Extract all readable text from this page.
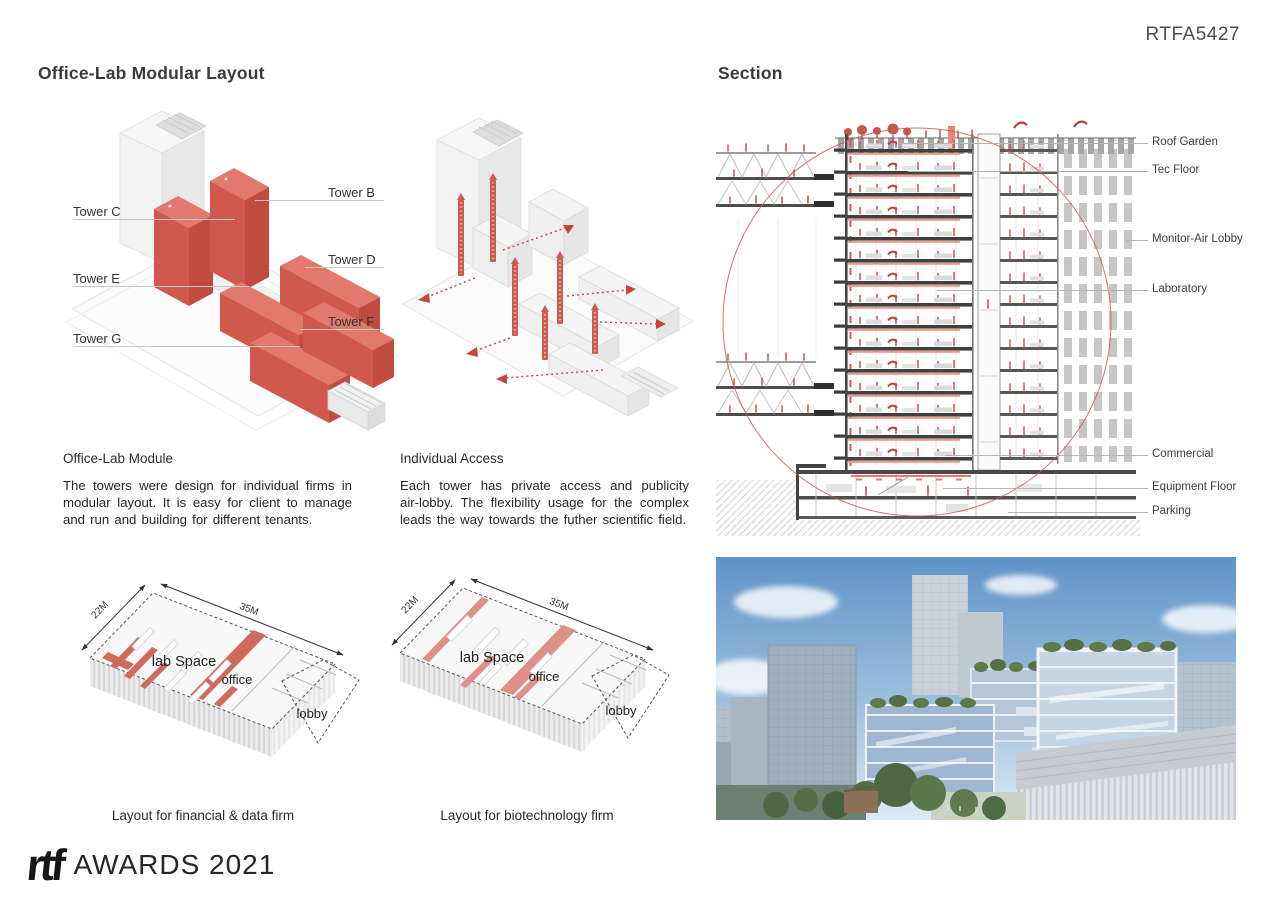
RTFA5427
Office-Lab Modular Layout	Section
Tower B
Tower C
Tower D
Tower E
Tower F
Tower G
Office-Lab Module
The towers were design for individual firms in modular layout. It is easy for client to manage and run and building for different tenants.
Individual Access
Each tower has private access and publicity air-lobby. The flexibility usage for the complex leads the way towards the futher scientific field.
22M	35M
lab Space
office
lobby
22M	35M
lab Space
office
lobby
Layout for financial & data firm	Layout for biotechnology firm
Roof Garden
Tec Floor
Monitor-Air Lobby
Laboratory
Commercial
Equipment Floor
Parking
rtf AWARDS 2021
